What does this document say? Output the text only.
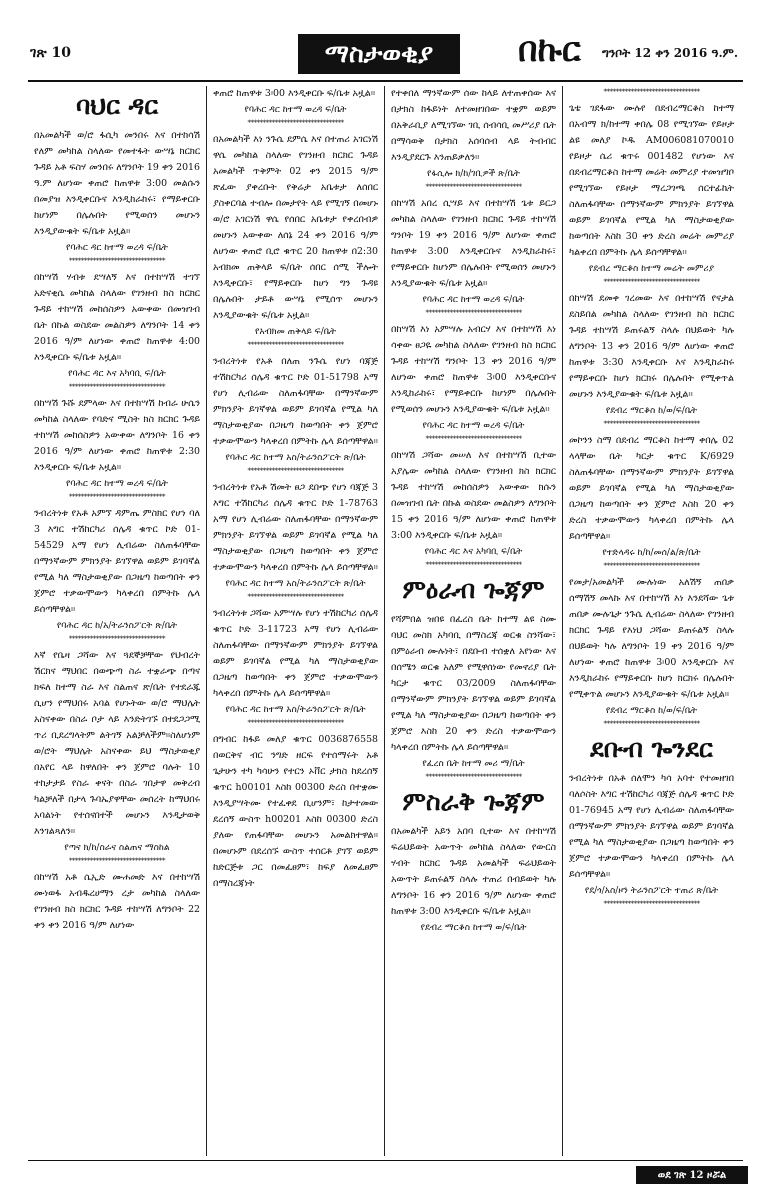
ገጽ 10	ማስታወቂያ	በኩር ግንቦት 12 ቀን 2016 ዓ.ም.
ባህር ዳር

በአመልካች ወ/ሮ ፋሲካ መንበሩ እና በተከሳሽ የለም መካከል ስላለው የመተፋት ውሣኔ ክርክር ጉዳይ አቶ ፍስሃ መንበሩ ለግንቦት 19 ቀን 2016 ዓ.ም ለሆነው ቀጠሮ ከጠዋቱ 3:00 መልሱን በመያዝ እንዲቀርቡና እንዲከራከሩ፣ የማይቀርቡ ከሆነም በሌሉበት የሚወሰን መሆኑን እንዲያውቁት ፍ/ቤቱ አዟል።

የባሕር ዳር ከተማ ወረዳ ፍ/ቤት
********************************

በከሣሽ ሃብቱ ደሣለኝ እና በተከሣሽ ተገኘ አድናቂሴ መካከል ስላለው የገንዘብ ክስ ክርክር ጉዳይ ተከሣሽ መከሰስዎን አውቀው በመዝገብ ቤት በኩል ወስደው መልስዎን ለግንቦት 14 ቀን 2016 ዓ/ም ለሆነው ቀጠሮ ከጠዋቱ 4:00 እንዲቀርቡ ፍ/ቤቱ አዟል።

የባሕር ዳር እና አካባቢ ፍ/ቤት
********************************

በከሣሽ ጉሹ ደምላው እና በተከሣሽ ከብራ ሁሴን መካከል ስላለው የባድና ሚስት ክስ ክርክር ጉዳይ ተከሣሽ መከሰስዎን አውቀው ለግንቦት 16 ቀን 2016 ዓ/ም ለሆነው ቀጠሮ ከጠዋቱ 2:30 እንዲቀርቡ ፍ/ቤቱ አዟል።

የባሕር ዳር ከተማ ወረዳ ፍ/ቤት
********************************

ንብረትነቱ የአቶ አምኘ ዳምጤ ምስክር የሆነ ባለ 3 እግር ተሽከርካሪ ሰሌዳ ቁጥር ኮድ 01-54529 አማ የሆነ ሊብሬው ስለጠፋባቸው በማንኛውም ምክንያት ይገኘዋል ወይም ይገባኛል የሚል ካለ ማስታወቂያው በጋዜጣ ከወጣበት ቀን ጀምሮ ተቃውሞውን ካላቀረበ በምትኩ ሌላ ይሰጣቸዋል።

የባሕር ዳር ከ/አ/ትራንስፖርት ጽ/ቤት
********************************

እኛ የቤዛ ጋሻው እና ጓደኞቻቸው የህብረት ሽርክና ማህበር በወጭጣ ስራ ተቋራጭ በጣና ክፍለ ከተማ ስራ እና ስልጠና ጽ/ቤት የተደራጁ ሲሆን የማህበሩ አባል የሆኑትው ወ/ሮ ማህሌት አስናቀው በስራ ቦታ ላይ እንድትገኙ በተደጋጋሚ ጥሪ ቢደረግላትም ልትገኝ አልቻለችም።ስለሆነም ወ/ሮት ማህሌት አስናቀው ይህ ማስታወቂያ በአየር ላይ ከዋለበት ቀን ጀምሮ ባሉት 10 ተከታታይ የስራ ቀናት በስራ ገበታዋ መቅረብ ካልቻለች በታላ ጉባኤያዋቸው መሰረት ከማህበሩ አባልነት የተሰናበተች መሆኑን እንዲታወቅ እንገልጻለን።

የጣና ክ/ከ/ስራና ስልጠና ማስከል
********************************

በከሣሽ አቶ ሴኢድ ሙሐመድ እና በተከሣሽ ሙነወፋ አብዱረሀማን ረታ መካከል ስላለው የገንዘብ ክስ ክርክር ጉዳይ ተከሣሽ ለግንቦት 22 ቀን ቀን 2016 ዓ/ም ለሆነው

ቀጠሮ ከጠዋቱ 3፡00 እንዲቀርቡ ፍ/ቤቱ አዟል።

የባሕር ዳር ከተማ ወረዳ ፍ/ቤት
********************************

በአመልካች እነ ንጉሴ ደምሴ እና በተጠሪ አገርነሽ ዋሴ መካከል ስላለው የገንዘብ ክርክር ጉዳይ አመልካች ጥቅምት 02 ቀን 2015 ዓ/ም ጽፈው ያቀረቡት የቅሬታ አቤቱታ ለሰበር ያስቀርባል ተብሎ በመታየት ላይ የሚገኝ በመሆኑ ወ/ሮ አገርነሽ ዋሴ የሰበር አቤቱታ የቀረበብዎ መሆኑን አውቀው ለሰኔ 24 ቀን 2016 ዓ/ም ለሆነው ቀጠሮ ቢሮ ቁጥር 20 ከጠዋቱ በ2:30 አብክመ ጠቅላይ ፍ/ቤት ሰበር ሰሚ ችሎት እንዲቀርቡ፣ የማይቀርቡ ከሆነ ግን ጉዳዩ በሌሉበት ታይቶ ውሣኔ የሚሰጥ መሆኑን እንዲያውቁት ፍ/ቤቱ አዟል።

የአብክመ ጠቅላይ ፍ/ቤት
********************************

ንብረትነቱ የአቶ በለጠ ንጉሴ የሆነ ባጃጅ ተሽከርካሪ ሰሌዳ ቁጥር ኮድ 01-51798 አማ የሆነ ሊብሬው ስለጠፋባቸው በማንኛውም ምክንያት ይገኛዋል ወይም ይገባኛል የሚል ካለ ማስታወቂያው በጋዜጣ ከወጣበት ቀን ጀምሮ ተቃውሞውን ካላቀረበ በምትኩ ሌላ ይሰጣቸዋል።

የባሕር ዳር ከተማ አስ/ትራንስፖርት ጽ/ቤት
********************************

ንብረትነቱ የአቶ ሽመት ፀጋ ደበጭ የሆነ ባጃጅ 3 እግር ተሽከርካሪ ሰሌዳ ቁጥር ኮድ 1-78763 አማ የሆነ ሊብሬው ስለጠፋባቸው በማንኛውም ምክንያት ይገኘዋል ወይም ይገባኛል የሚል ካለ ማስታወቂያው በጋዜጣ ከወጣበት ቀን ጀምሮ ተቃውሞውን ካላቀረበ በምትኩ ሌላ ይሰጣቸዋል።

የባሕር ዳር ከተማ አስ/ትራንስፖርት ጽ/ቤት
********************************

ንብረትነቱ ጋሻው አምሣሉ የሆነ ተሽከርካሪ ሰሌዳ ቁጥር ኮድ 3-11723 አማ የሆነ ሊብሬው ስለጠፋባቸው በማንኛውም ምክንያት ይገኘዋል ወይም ይገባኛል የሚል ካለ ማስታወቂያው በጋዜጣ ከወጣበት ቀን ጀምሮ ተቃውሞውን ካላቀረበ በምትኩ ሌላ ይሰጣቸዋል።

የባሕር ዳር ከተማ አስ/ትራንስፖርት ጽ/ቤት
********************************

በግብር ከፋይ መለያ ቁጥር 0036876558 በወርቅና ብር ንግድ ዘርፍ የተሰማሩት አቶ ጌታሁን ተካ ካሳሁን የተርን ኦቨር ታክስ ከደረሰኝ ቁጥር h00101 እስከ 00300 ድረስ በተቋሙ እንዲያሣትሙ የተፈቀደ ቢሆንም፣ ከታተመው ደረሰኝ ውስጥ h00201 እስከ 00300 ድረስ ያለው የጠፋባቸው መሆኑን አመልክተዋል። በመሆኑም በደረሰኙ ውስጥ ተሰርቶ ያገኘ ወይም ከድርጅቱ ጋር በመፈፀም፣ ከፍያ ለመፈፀም በማስረጃነት

የተቀበለ ማንኛውም ሰው ከላይ ለተጠቀሰው እና በታክስ ከፋይነት ለተመዘገበው ተቋም ወይም በአቅራቢያ ለሚገኘው ገቢ ሰብሳቢ መሥሪያ ቤት በማሳወቅ በታክስ አሰባሰብ ላይ ትብብር እንዲያደርጉ እንጠይቃለን።

የፋሲሎ ክ/ከ/ገቢዎች ጽ/ቤት
********************************

በከሣሽ አበረ ሲሣይ እና በተከሣሽ ጌቱ ይርጋ መካከል ስላለው የገንዘብ ክርክር ጉዳይ ተከሣሽ ግንቦት 19 ቀን 2016 ዓ/ም ለሆነው ቀጠሮ ከጠዋቱ 3:00 እንዲቀርቡና እንዲከራከሩ፣ የማይቀርቡ ከሆነም በሌሉበት የሚወሰን መሆኑን እንዲያውቁት ፍ/ቤቱ አዟል።

የባሕር ዳር ከተማ ወረዳ ፍ/ቤት
********************************

በከሣሽ እነ አምሣሉ አብርሃ እና በተከሣሽ እነ ሳቀው ፀጋዬ መካከል ስላለው የገንዘብ ክስ ክርክር ጉዳይ ተከሣሽ ግንቦት 13 ቀን 2016 ዓ/ም ለሆነው ቀጠሮ ከጠዋቱ 3፡00 እንዲቀርቡና እንዲከራከሩ፣ የማይቀርቡ ከሆነም በሌሉበት የሚወሰን መሆኑን እንዲያውቁት ፍ/ቤቱ አዟል።

የባሕር ዳር ከተማ ወረዳ ፍ/ቤት
********************************

በከሣሽ ጋሻው መሠለ እና በተከሣሽ ቢተው አያሌው መካከል ስላለው የገንዘብ ክስ ክርክር ጉዳይ ተከሣሽ መከሰስዎን አውቀው ክሱን በመዝገብ ቤት በኩል ወስደው መልስዎን ለግንቦት 15 ቀን 2016 ዓ/ም ለሆነው ቀጠሮ ከጠዋቱ 3:00 እንዲቀርቡ ፍ/ቤቱ አዟል።

የባሕር ዳር እና አካባቢ ፍ/ቤት
********************************
ምዕራብ ጐጃም

የሻምበል ዝበዩ በፈረስ ቤት ከተማ ልዩ ስሙ ባህር መስክ አካባቢ በማስረጃ ወርቁ ስንሻው፣ በምዕራብ ሙሉነት፣ በደቡብ ተሰቋለ አየነው እና በሰሜን ወርቁ አለም የሚዋሰነው የመኖሪያ ቤት ካርታ ቁጥር 03/2009 ስለጠፋባቸው በማንኛውም ምክንያት ይገኘዋል ወይም ይገባኛል የሚል ካለ ማስታወቂያው በጋዜጣ ከወጣበት ቀን ጀምሮ እስከ 20 ቀን ድረስ ተቃውሞውን ካላቀረበ በምትኩ ሌላ ይሰጣቸዋል።

የፈረስ ቤት ከተማ መሪ ማ/ቤት
********************************
ምስራቅ ጐጃም

በአመልካች አይን አበባ ቢተው እና በተከሣሽ ፍሬህይወት አውጥት መካከል ስላለው የውርስ ሃብት ክርክር ጉዳይ አመልካች ፍሬህይወት አውጥት ይጠሩልኝ ስላሉ ተጠሪ በብይወት ካሉ ለግንቦት 16 ቀን 2016 ዓ/ም ለሆነው ቀጠሮ ከጠዋቱ 3:00 እንዲቀርቡ ፍ/ቤቱ አዟል።

የደብረ ማርቆስ ከተማ ወ/ፍ/ቤት
********************************

ጌቴ ገደፋው ሙሉየ በደብረማርቆስ ከተማ በአብማ ክ/ከተማ ቀበሌ 08 የሚገኘው የይዞታ ልዩ መለያ ኮዱ AM006081070010 የይዞታ ሴሪ ቁጥሩ 001482 የሆነው እና በደብረማርቆስ ከተማ መሬት መምሪያ ተመዝግቦ የሚገኘው የይዞታ ማረጋገጫ ሰርተፊኬት ስለጠፋባቸው በማንኛውም ምክንያት ይገኘዋል ወይም ይገባኛል የሚል ካለ ማስታወቂያው ከወጣበት እስከ 30 ቀን ድረስ መሬት መምሪያ ካልቀረበ በምትኩ ሌላ ይሰጣቸዋል።

የደብረ ማርቆስ ከተማ መሬት መምሪያ
********************************

በከሣሽ ደመቀ ገረመው እና በተከሣሽ የናታል ደስይበል መካከል ስላለው የገንዘብ ክስ ክርክር ጉዳይ ተከሣሽ ይጠሩልኝ ስላሉ በህይወት ካሉ ለግንቦት 13 ቀን 2016 ዓ/ም ለሆነው ቀጠሮ ከጠዋቱ 3:30 እንዲቀርቡ እና እንዲከራከሩ የማይቀርቡ ከሆነ ክርክሩ በሌሉበት የሚቀጥል መሆኑን እንዲያውቁት ፍ/ቤቱ አዟል።

የደብረ ማርቆስ ከ/ወ/ፍ/ቤት
********************************

መኮንን ስማ በደብረ ማርቆስ ከተማ ቀበሌ 02 ላላቸው ቤት ካርታ ቁጥር K/6929 ስለጠፋባቸው በማንኛውም ምክንያት ይገኘዋል ወይም ይገባኛል የሚል ካለ ማስታወቂያው በጋዜጣ ከወጣበት ቀን ጀምሮ እስከ 20 ቀን ድረስ ተቃውሞውን ካላቀረበ በምትኩ ሌላ ይሰጣቸዋል።

የተድላዳሩ ከ/ከ/መሰ/ል/ጽ/ቤት
********************************

የመታ/አመልካች ሙሉነው አለሽኝ ጠበቃ ሰማሽኝ መላኩ እና በተከሣሽ እነ እንደሻው ጌቱ ጠበቃ ሙሉጌታ ንጉሴ ሊብሬው ስላለው የገንዘብ ክርክር ጉዳይ የእነህ ጋሻው ይጠሩልኝ ስላሉ በህይወት ካሉ ለግንቦት 19 ቀን 2016 ዓ/ም ለሆነው ቀጠሮ ከጠዋቱ 3፡00 እንዲቀርቡ እና እንዲከራከሩ የማይቀርቡ ከሆነ ክርክሩ በሌሉበት የሚቀጥል መሆኑን እንዲያውቁት ፍ/ቤቱ አዟል።

የደብረ ማርቆስ ከ/ወ/ፍ/ቤት
********************************
ደቡብ ጐንደር

ንብረትነቱ በአቶ ሰለሞን ካሳ አባተ የተመዘገበ ባለሶስት እግር ተሽከርካሪ ባጃጅ ሰሌዳ ቁጥር ኮድ 01-76945 አማ የሆነ ሊብሬው ስለጠፋባቸው በማንኛውም ምክንያት ይገኘዋል ወይም ይገባኛል የሚል ካለ ማስታወቂያው በጋዜጣ ከወጣበት ቀን ጀምሮ ተቃውሞውን ካላቀረበ በምትኩ ሌላ ይሰጣቸዋል።

የደ/ጎ/አስ/ዞን ትራንስፖርት ተጠሪ ጽ/ቤት
********************************
ወደ ገጽ 12 ዞሯል
